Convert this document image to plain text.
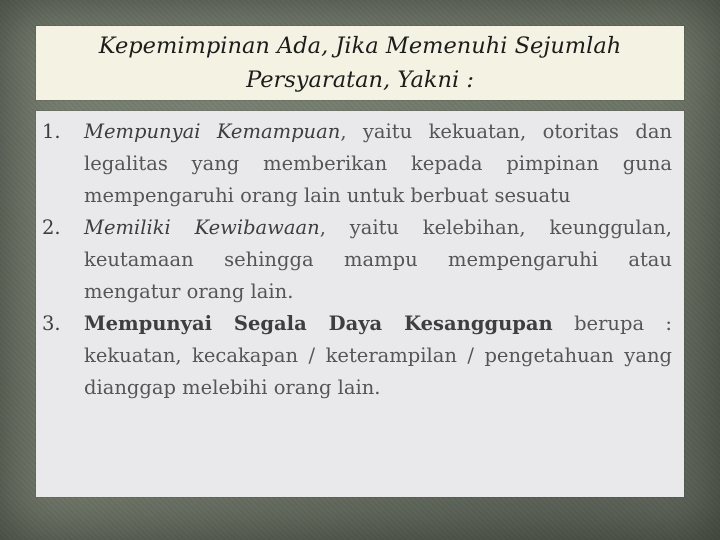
Kepemimpinan Ada, Jika Memenuhi Sejumlah
Persyaratan, Yakni :
1.	Mempunyai Kemampuan, yaitu kekuatan, otoritas dan legalitas yang memberikan kepada pimpinan guna mempengaruhi orang lain untuk berbuat sesuatu
2.	Memiliki Kewibawaan, yaitu kelebihan, keunggulan, keutamaan sehingga mampu mempengaruhi atau mengatur orang lain.
3.	Mempunyai Segala Daya Kesanggupan berupa : kekuatan, kecakapan / keterampilan / pengetahuan yang dianggap melebihi orang lain.
